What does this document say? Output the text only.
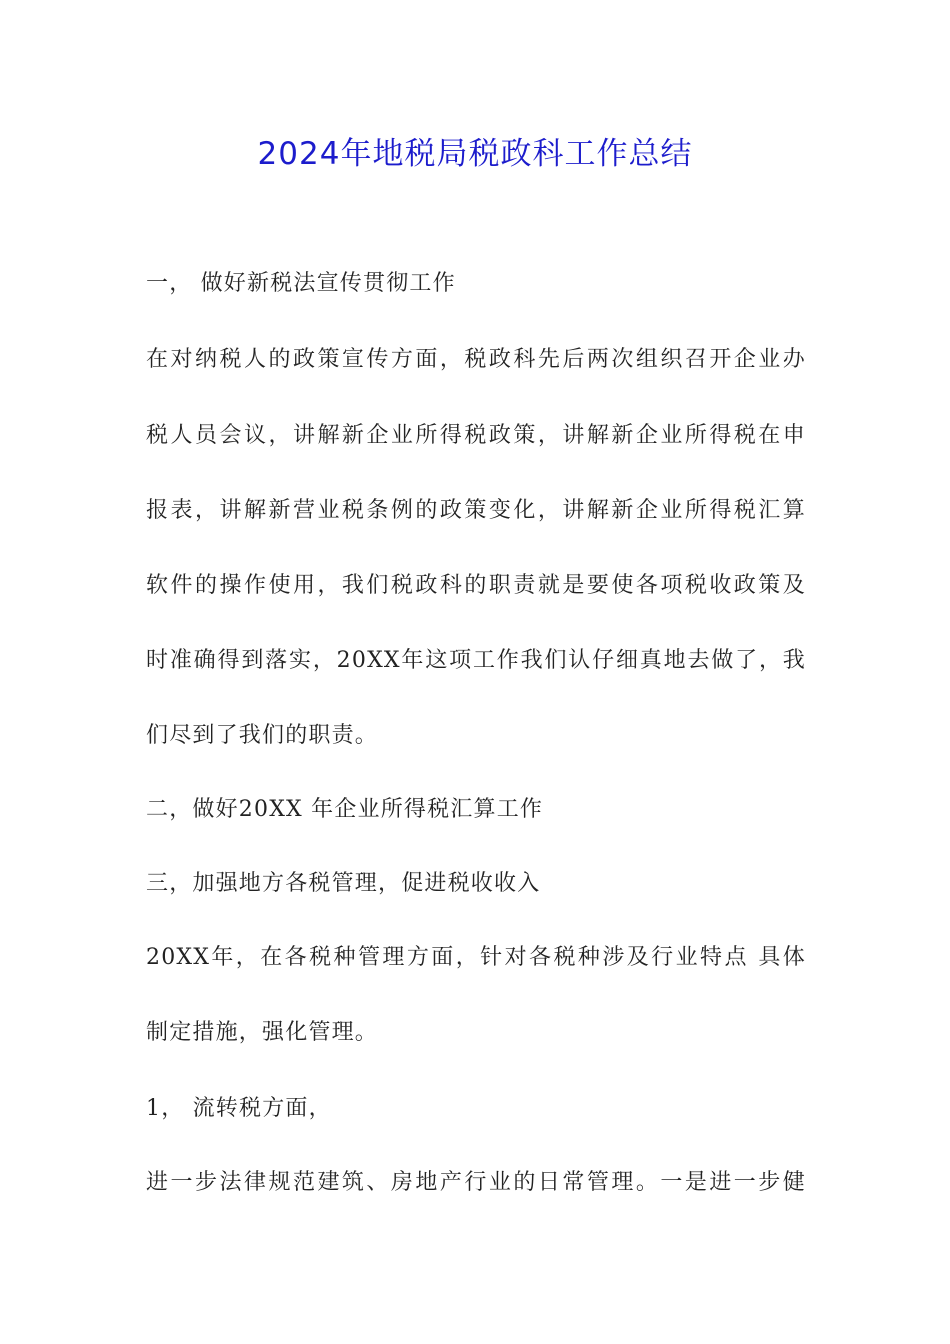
2024年地税局税政科工作总结
一， 做好新税法宣传贯彻工作
在对纳税人的政策宣传方面，税政科先后两次组织召开企业办
税人员会议，讲解新企业所得税政策，讲解新企业所得税在申
报表，讲解新营业税条例的政策变化，讲解新企业所得税汇算
软件的操作使用，我们税政科的职责就是要使各项税收政策及
时准确得到落实，20XX年这项工作我们认仔细真地去做了，我
们尽到了我们的职责。
二，做好20XX 年企业所得税汇算工作
三，加强地方各税管理，促进税收收入
20XX年，在各税种管理方面，针对各税种涉及行业特点 具体
制定措施，强化管理。
1， 流转税方面，
进一步法律规范建筑、房地产行业的日常管理。一是进一步健
